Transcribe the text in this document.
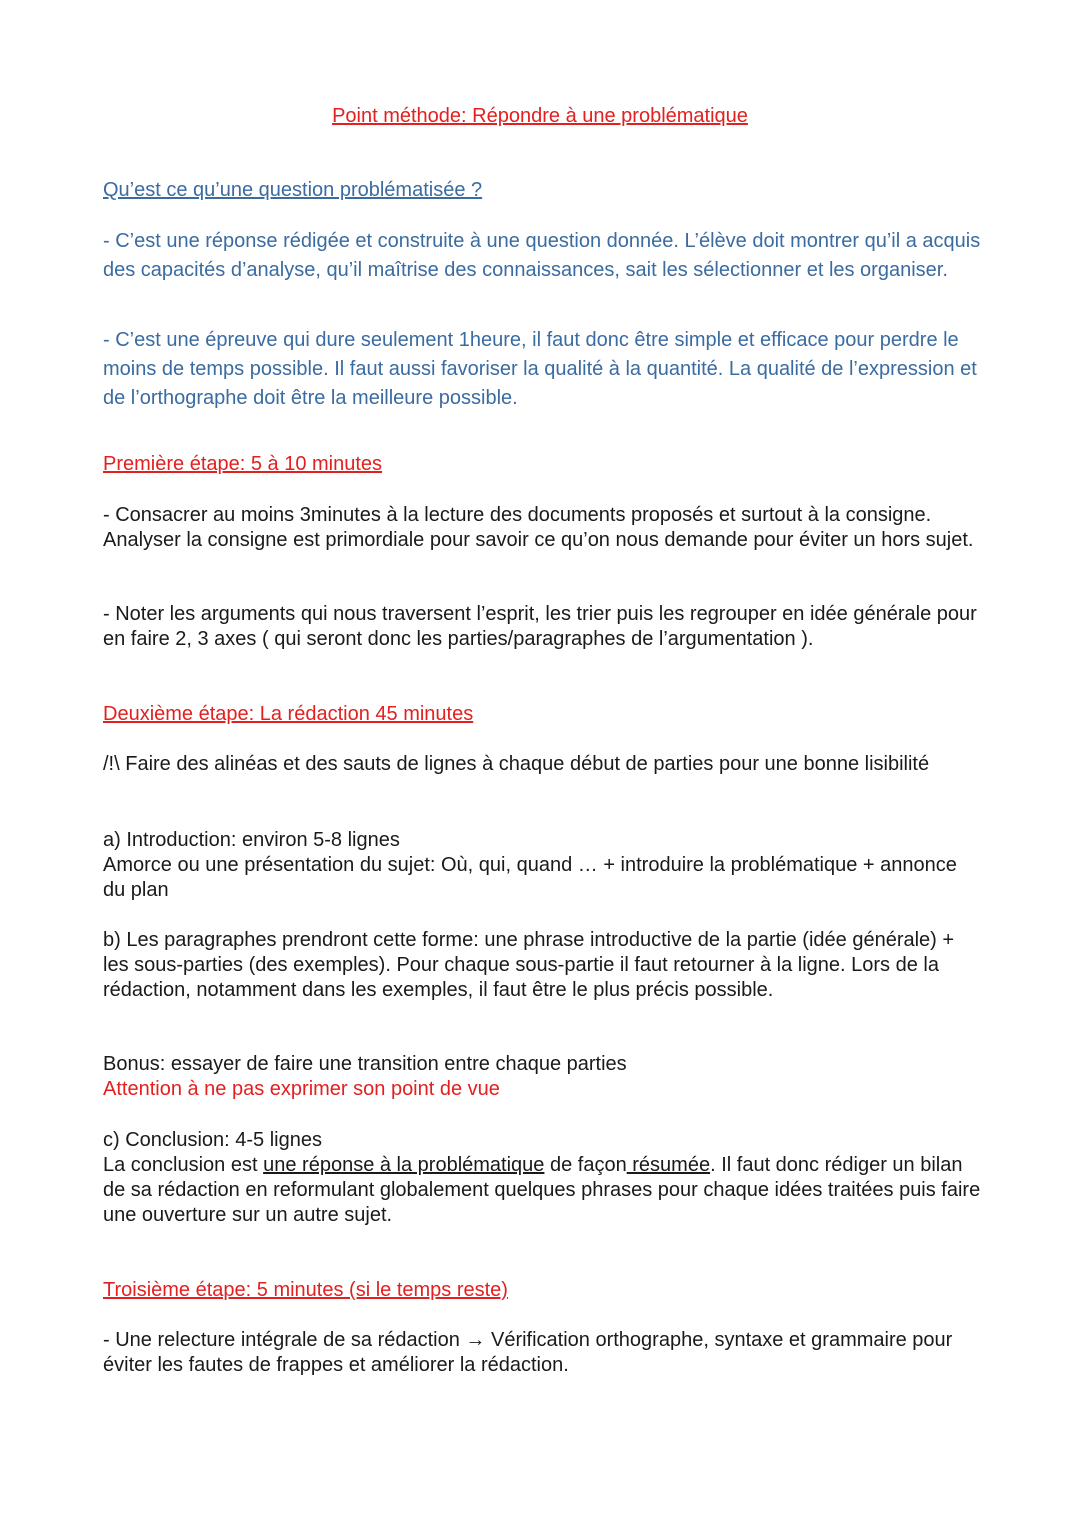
Point méthode: Répondre à une problématique
Qu’est ce qu’une question problématisée ?

- C’est une réponse rédigée et construite à une question donnée. L’élève doit montrer qu’il a acquis des capacités d’analyse, qu’il maîtrise des connaissances, sait les sélectionner et les organiser.

- C’est une épreuve qui dure seulement 1heure, il faut donc être simple et efficace pour perdre le moins de temps possible. Il faut aussi favoriser la qualité à la quantité. La qualité de l’expression et de l’orthographe doit être la meilleure possible.

Première étape: 5 à 10 minutes

- Consacrer au moins 3minutes à la lecture des documents proposés et surtout à la consigne. Analyser la consigne est primordiale pour savoir ce qu’on nous demande pour éviter un hors sujet.

- Noter les arguments qui nous traversent l’esprit, les trier puis les regrouper en idée générale pour en faire 2, 3 axes ( qui seront donc les parties/paragraphes de l’argumentation ).

Deuxième étape: La rédaction 45 minutes

/!\ Faire des alinéas et des sauts de lignes à chaque début de parties pour une bonne lisibilité

a) Introduction: environ 5-8 lignes
Amorce ou une présentation du sujet: Où, qui, quand … + introduire la problématique + annonce du plan

b) Les paragraphes prendront cette forme: une phrase introductive de la partie (idée générale) + les sous-parties (des exemples). Pour chaque sous-partie il faut retourner à la ligne. Lors de la rédaction, notamment dans les exemples, il faut être le plus précis possible.

Bonus: essayer de faire une transition entre chaque parties
Attention à ne pas exprimer son point de vue
c) Conclusion: 4-5 lignes
La conclusion est une réponse à la problématique de façon résumée. Il faut donc rédiger un bilan de sa rédaction en reformulant globalement quelques phrases pour chaque idées traitées puis faire une ouverture sur un autre sujet.
Troisième étape: 5 minutes (si le temps reste)

- Une relecture intégrale de sa rédaction → Vérification orthographe, syntaxe et grammaire pour éviter les fautes de frappes et améliorer la rédaction.
